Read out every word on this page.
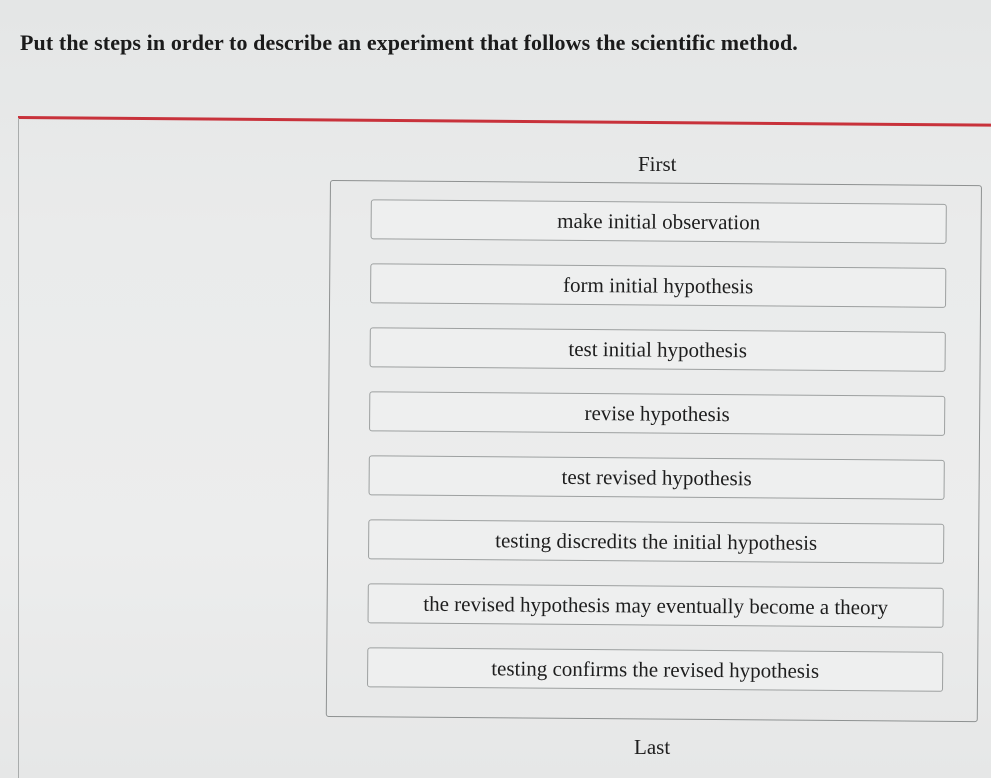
Put the steps in order to describe an experiment that follows the scientific method.
First
make initial observation
form initial hypothesis
test initial hypothesis
revise hypothesis
test revised hypothesis
testing discredits the initial hypothesis
the revised hypothesis may eventually become a theory
testing confirms the revised hypothesis
Last
